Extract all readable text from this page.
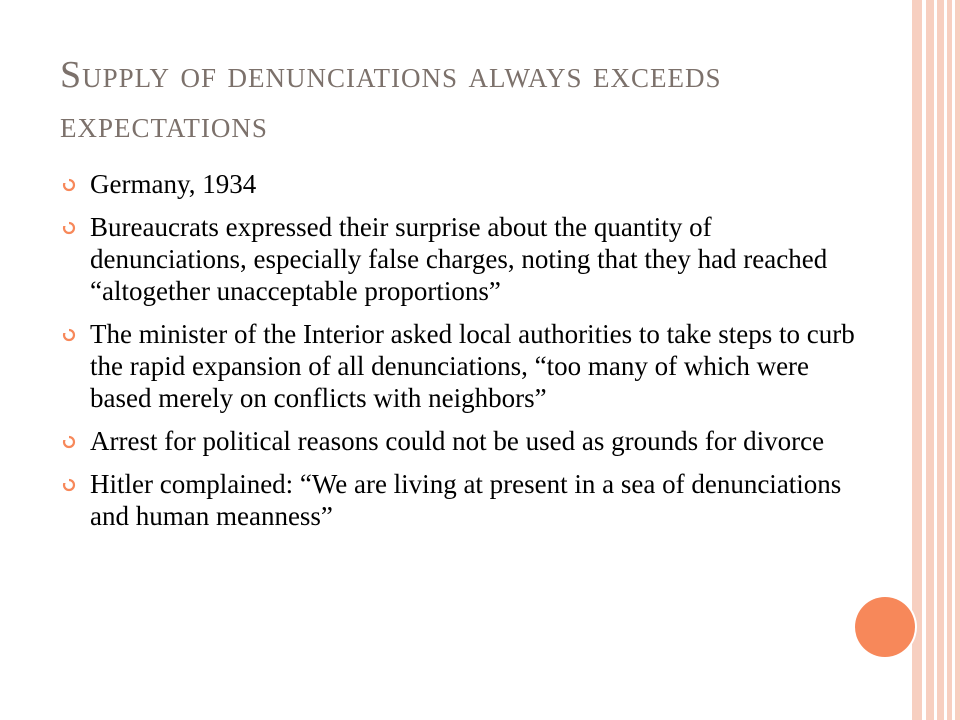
Supply of denunciations always exceeds expectations
Germany, 1934
Bureaucrats expressed their surprise about the quantity of denunciations, especially false charges, noting that they had reached “altogether unacceptable proportions”
The minister of the Interior asked local authorities to take steps to curb the rapid expansion of all denunciations, “too many of which were based merely on conflicts with neighbors”
Arrest for political reasons could not be used as grounds for divorce
Hitler complained: “We are living at present in a sea of denunciations and human meanness”
